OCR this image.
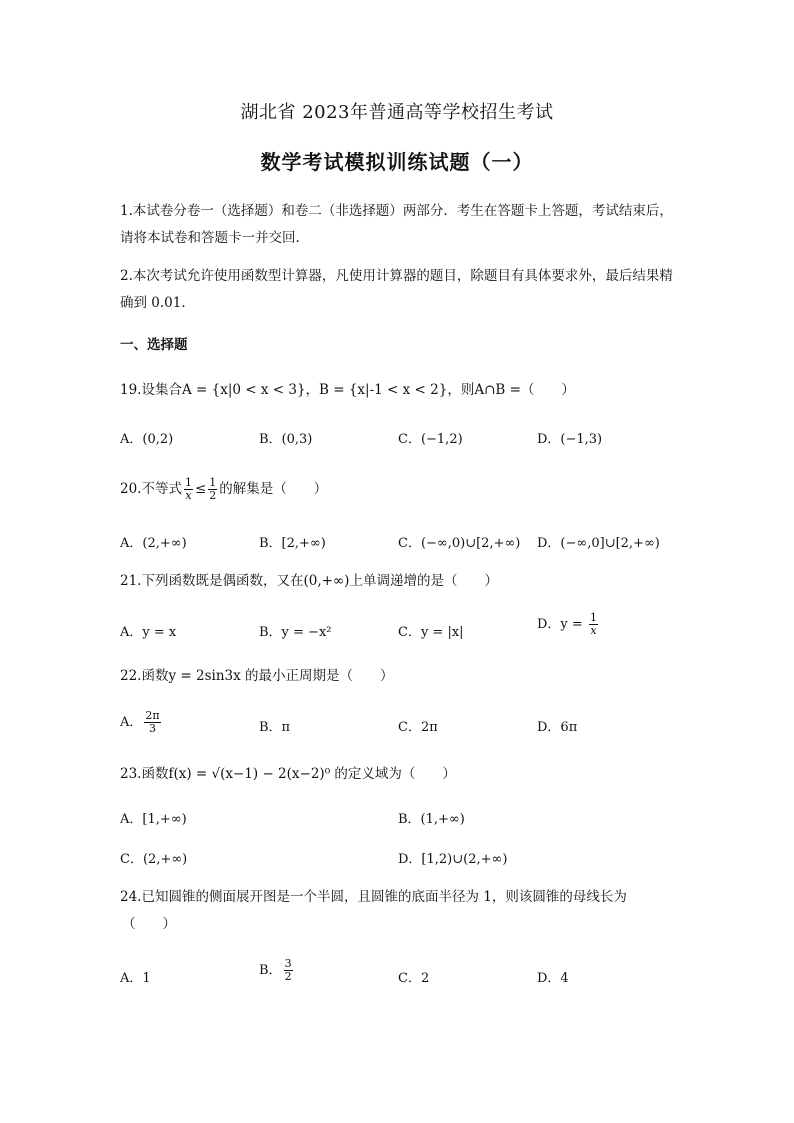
湖北省 2023年普通高等学校招生考试
数学考试模拟训练试题（一）
1.本试卷分卷一（选择题）和卷二（非选择题）两部分．考生在答题卡上答题，考试结束后，请将本试卷和答题卡一并交回.
2.本次考试允许使用函数型计算器，凡使用计算器的题目，除题目有具体要求外，最后结果精确到 0.01.
一、选择题
19.设集合A = {x|0 < x < 3}，B = {x|-1 < x < 2}，则A∩B =（　　）
A．(0,2)	B．(0,3)	C．(−1,2)	D．(−1,3)
20.不等式 $\frac{1}{x} \le \frac{1}{2}$ 的解集是（　　）
A．(2,+∞)	B．[2,+∞)	C．(−∞,0)∪[2,+∞) D．(−∞,0]∪[2,+∞)
21.下列函数既是偶函数，又在(0,+∞)上单调递增的是（　　）
A．y = x	B．y = −x²	C．y = |x|
D．$y = \frac{1}{x}$
22.函数y = 2sin3x 的最小正周期是（　　）
A． $\frac{2\pi}{3}$	B．π	C．2π	D．6π
23.函数f(x) = √(x−1) − 2(x−2)⁰ 的定义域为（　　）
A．[1,+∞)	B．(1,+∞)
C．(2,+∞)	D．[1,2)∪(2,+∞)
24.已知圆锥的侧面展开图是一个半圆，且圆锥的底面半径为 1，则该圆锥的母线长为
（　　）
A．1
B． $\frac{3}{2}$	C．2	D．4
